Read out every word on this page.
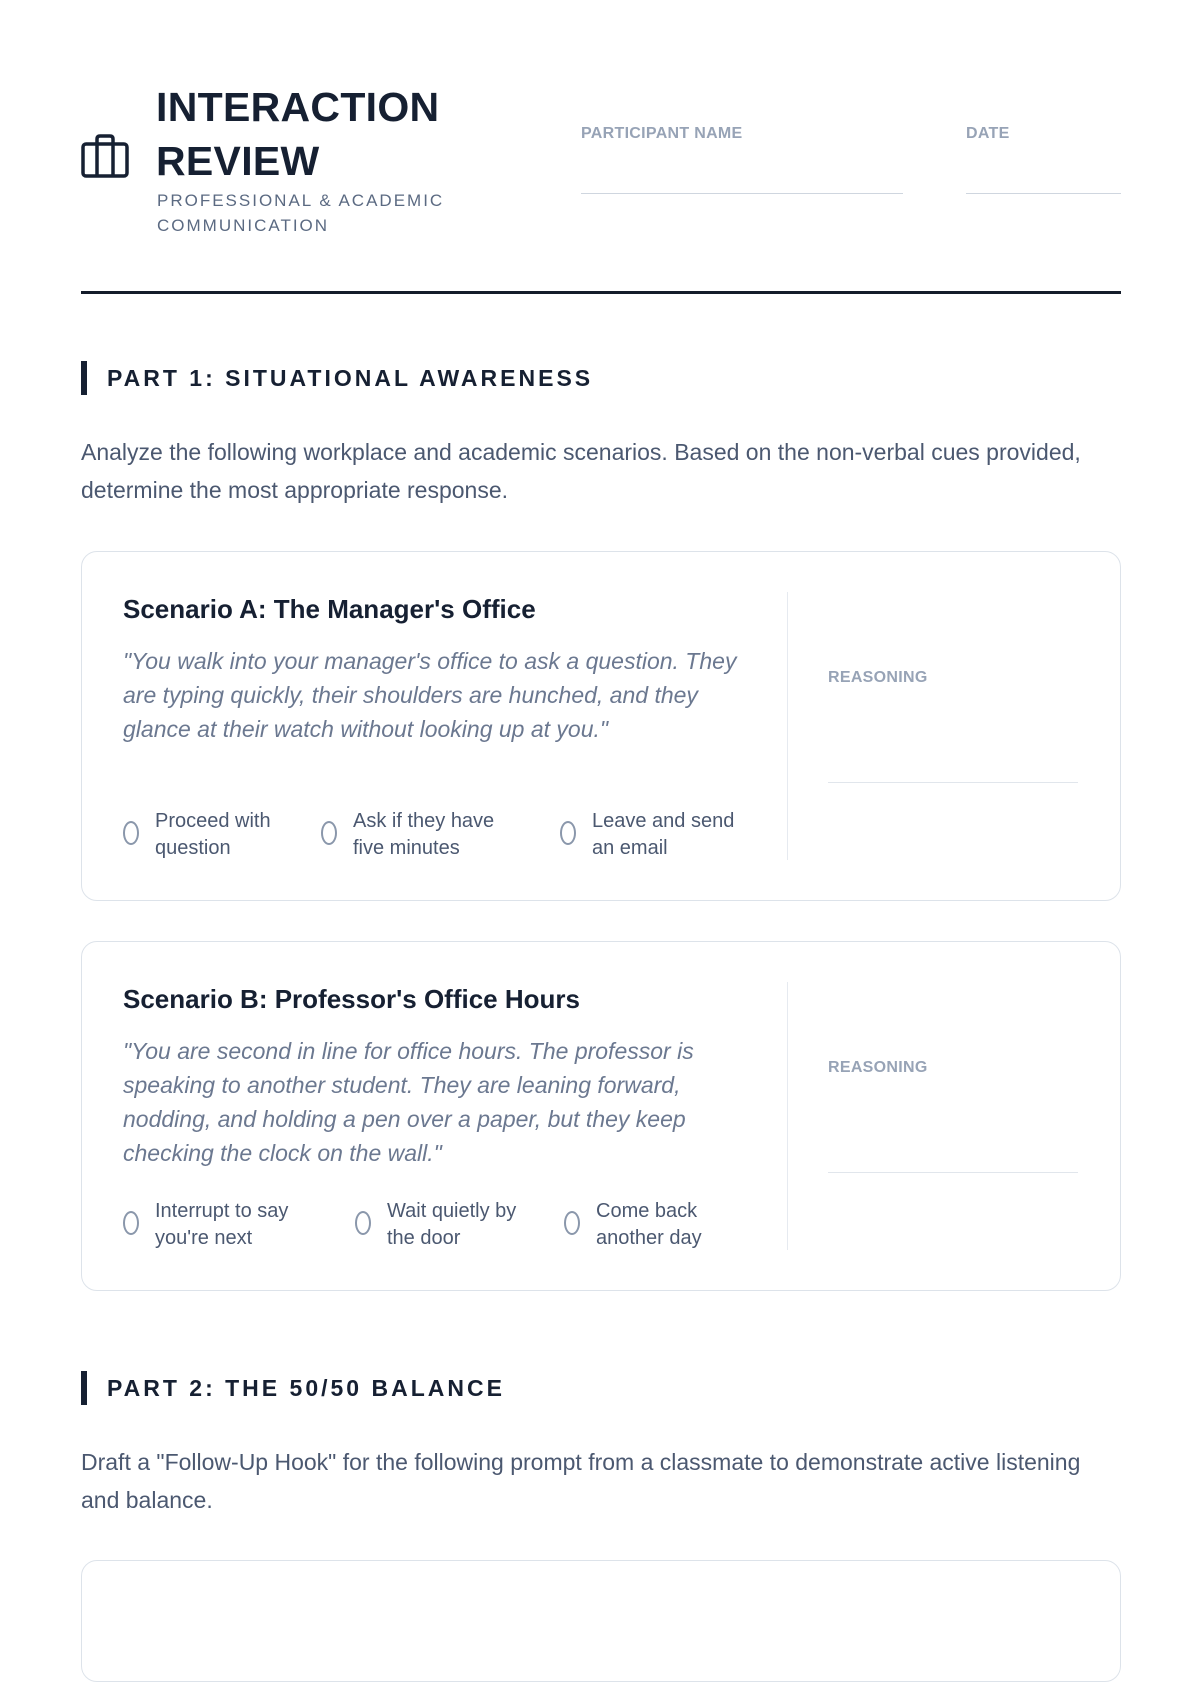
INTERACTION REVIEW
PROFESSIONAL & ACADEMIC COMMUNICATION
PARTICIPANT NAME	DATE
PART 1: SITUATIONAL AWARENESS
Analyze the following workplace and academic scenarios. Based on the non-verbal cues provided, determine the most appropriate response.
Scenario A: The Manager's Office
"You walk into your manager's office to ask a question. They are typing quickly, their shoulders are hunched, and they glance at their watch without looking up at you."
Proceed with question
Ask if they have five minutes
Leave and send an email
REASONING
Scenario B: Professor's Office Hours
"You are second in line for office hours. The professor is speaking to another student. They are leaning forward, nodding, and holding a pen over a paper, but they keep checking the clock on the wall."
Interrupt to say you're next
Wait quietly by the door
Come back another day
REASONING
PART 2: THE 50/50 BALANCE
Draft a "Follow-Up Hook" for the following prompt from a classmate to demonstrate active listening and balance.
